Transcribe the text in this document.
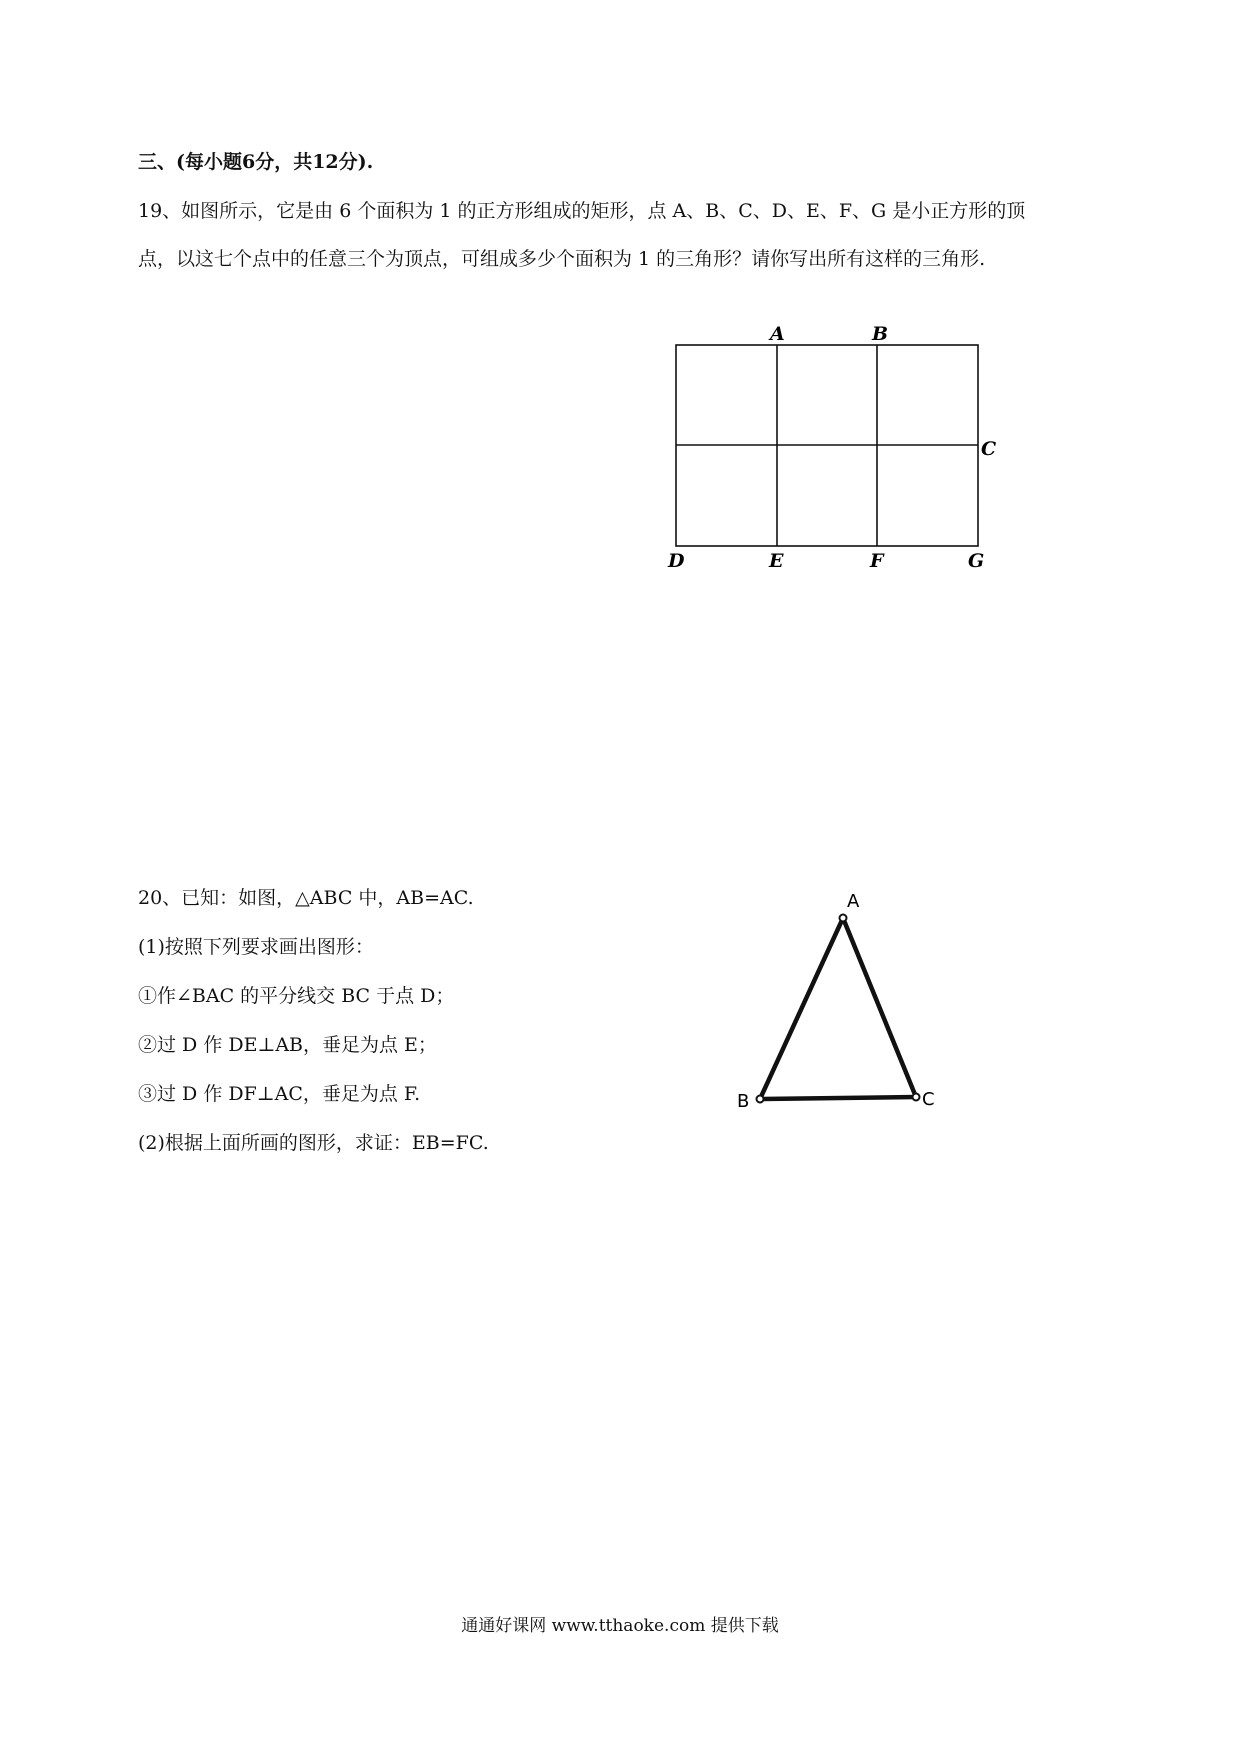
三、(每小题6分，共12分).
19、如图所示，它是由 6 个面积为 1 的正方形组成的矩形，点 A、B、C、D、E、F、G 是小正方形的顶
点，以这七个点中的任意三个为顶点，可组成多少个面积为 1 的三角形？请你写出所有这样的三角形.
A	B
C
D	E	F	G
20、已知：如图，△ABC 中，AB=AC.
(1)按照下列要求画出图形：
①作∠BAC 的平分线交 BC 于点 D；
②过 D 作 DE⊥AB，垂足为点 E；
③过 D 作 DF⊥AC，垂足为点 F.
(2)根据上面所画的图形，求证：EB=FC.
A
B	C
通通好课网 www.tthaoke.com 提供下载
